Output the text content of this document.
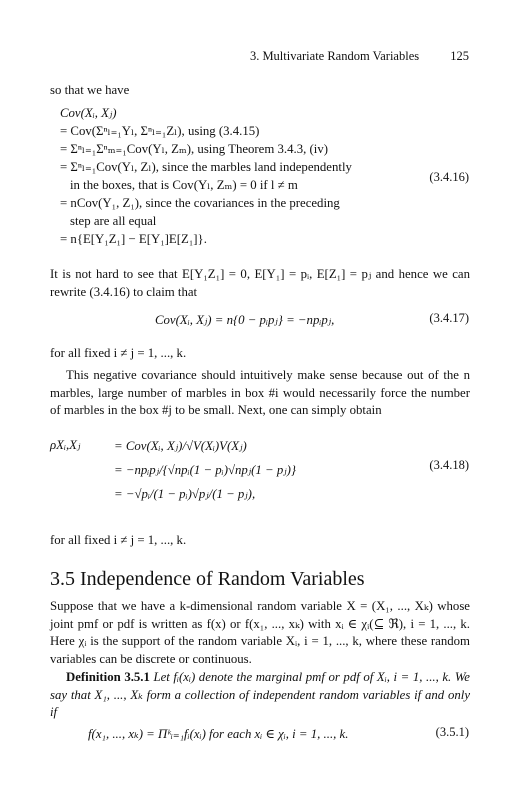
3. Multivariate Random Variables 125
so that we have
Cov(Xᵢ, Xⱼ)
= Cov(Σⁿₗ₌₁Yₗ, Σⁿₗ₌₁Zₗ), using (3.4.15)
= Σⁿₗ₌₁Σⁿₘ₌₁Cov(Yₗ, Zₘ), using Theorem 3.4.3, (iv)
= Σⁿₗ₌₁Cov(Yₗ, Zₗ), since the marbles land independently
in the boxes, that is Cov(Yₗ, Zₘ) = 0 if l ≠ m
= nCov(Y₁, Z₁), since the covariances in the preceding
step are all equal
= n{E[Y₁Z₁] − E[Y₁]E[Z₁]}.
(3.4.16)
It is not hard to see that E[Y₁Z₁] = 0, E[Y₁] = pᵢ, E[Z₁] = pⱼ and hence we can rewrite (3.4.16) to claim that
Cov(Xᵢ, Xⱼ) = n{0 − pᵢpⱼ} = −npᵢpⱼ,	(3.4.17)
for all fixed i ≠ j = 1, ..., k.
This negative covariance should intuitively make sense because out of the n marbles, large number of marbles in box #i would necessarily force the number of marbles in the box #j to be small. Next, one can simply obtain
ρXᵢ,Xⱼ	= Cov(Xᵢ, Xⱼ)/√V(Xᵢ)V(Xⱼ)
= −npᵢpⱼ/{√npᵢ(1 − pᵢ)√npⱼ(1 − pⱼ)}
= −√pᵢ/(1 − pᵢ)√pⱼ/(1 − pⱼ),
(3.4.18)
for all fixed i ≠ j = 1, ..., k.
3.5 Independence of Random Variables
Suppose that we have a k-dimensional random variable X = (X₁, ..., Xₖ) whose joint pmf or pdf is written as f(x) or f(x₁, ..., xₖ) with xᵢ ∈ χᵢ(⊆ ℜ), i = 1, ..., k. Here χᵢ is the support of the random variable Xᵢ, i = 1, ..., k, where these random variables can be discrete or continuous.
Definition 3.5.1 Let fᵢ(xᵢ) denote the marginal pmf or pdf of Xᵢ, i = 1, ..., k. We say that X₁, ..., Xₖ form a collection of independent random variables if and only if
f(x₁, ..., xₖ) = Πᵏᵢ₌₁fᵢ(xᵢ) for each xᵢ ∈ χᵢ, i = 1, ..., k.	(3.5.1)
